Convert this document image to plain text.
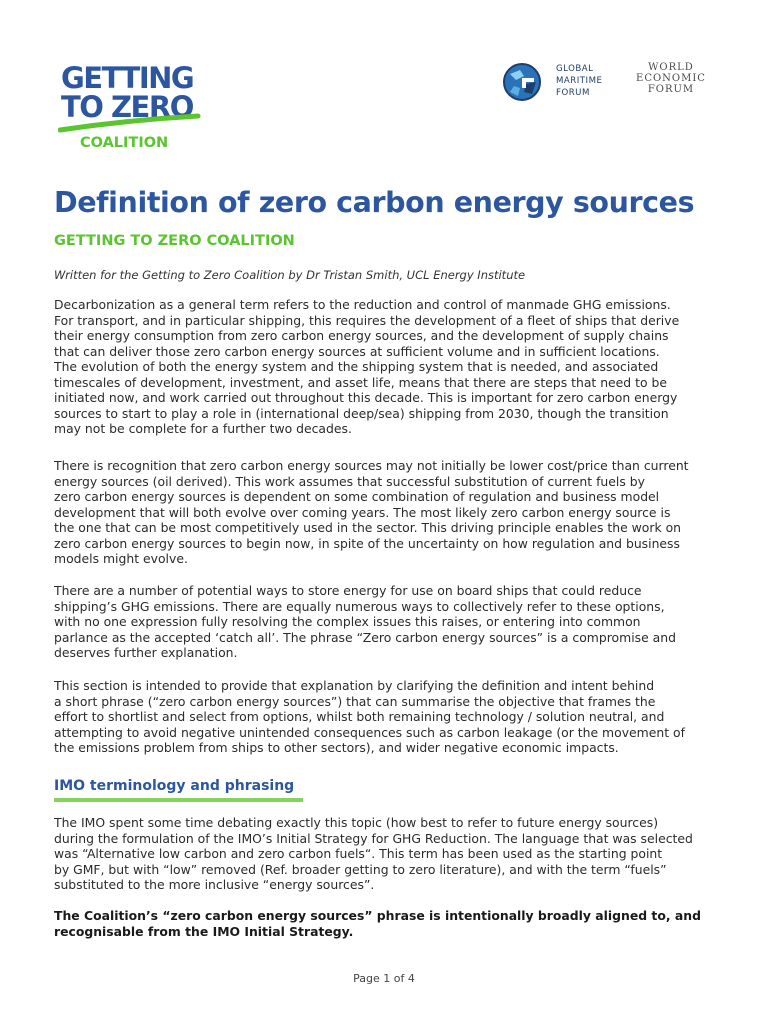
GETTING
TO ZERO
COALITION
GLOBAL
MARITIME
FORUM
WORLD
ECONOMIC
FORUM
Definition of zero carbon energy sources
GETTING TO ZERO COALITION
Written for the Getting to Zero Coalition by Dr Tristan Smith, UCL Energy Institute
Decarbonization as a general term refers to the reduction and control of manmade GHG emissions.
For transport, and in particular shipping, this requires the development of a fleet of ships that derive
their energy consumption from zero carbon energy sources, and the development of supply chains
that can deliver those zero carbon energy sources at sufficient volume and in sufficient locations.
The evolution of both the energy system and the shipping system that is needed, and associated
timescales of development, investment, and asset life, means that there are steps that need to be
initiated now, and work carried out throughout this decade. This is important for zero carbon energy
sources to start to play a role in (international deep/sea) shipping from 2030, though the transition
may not be complete for a further two decades.
There is recognition that zero carbon energy sources may not initially be lower cost/price than current
energy sources (oil derived). This work assumes that successful substitution of current fuels by
zero carbon energy sources is dependent on some combination of regulation and business model
development that will both evolve over coming years. The most likely zero carbon energy source is
the one that can be most competitively used in the sector. This driving principle enables the work on
zero carbon energy sources to begin now, in spite of the uncertainty on how regulation and business
models might evolve.
There are a number of potential ways to store energy for use on board ships that could reduce
shipping’s GHG emissions. There are equally numerous ways to collectively refer to these options,
with no one expression fully resolving the complex issues this raises, or entering into common
parlance as the accepted ‘catch all’. The phrase “Zero carbon energy sources” is a compromise and
deserves further explanation.
This section is intended to provide that explanation by clarifying the definition and intent behind
a short phrase (“zero carbon energy sources”) that can summarise the objective that frames the
effort to shortlist and select from options, whilst both remaining technology / solution neutral, and
attempting to avoid negative unintended consequences such as carbon leakage (or the movement of
the emissions problem from ships to other sectors), and wider negative economic impacts.
IMO terminology and phrasing
The IMO spent some time debating exactly this topic (how best to refer to future energy sources)
during the formulation of the IMO’s Initial Strategy for GHG Reduction. The language that was selected
was “Alternative low carbon and zero carbon fuels“. This term has been used as the starting point
by GMF, but with “low” removed (Ref. broader getting to zero literature), and with the term “fuels”
substituted to the more inclusive “energy sources”.
The Coalition’s “zero carbon energy sources” phrase is intentionally broadly aligned to, and
recognisable from the IMO Initial Strategy.
Page 1 of 4
